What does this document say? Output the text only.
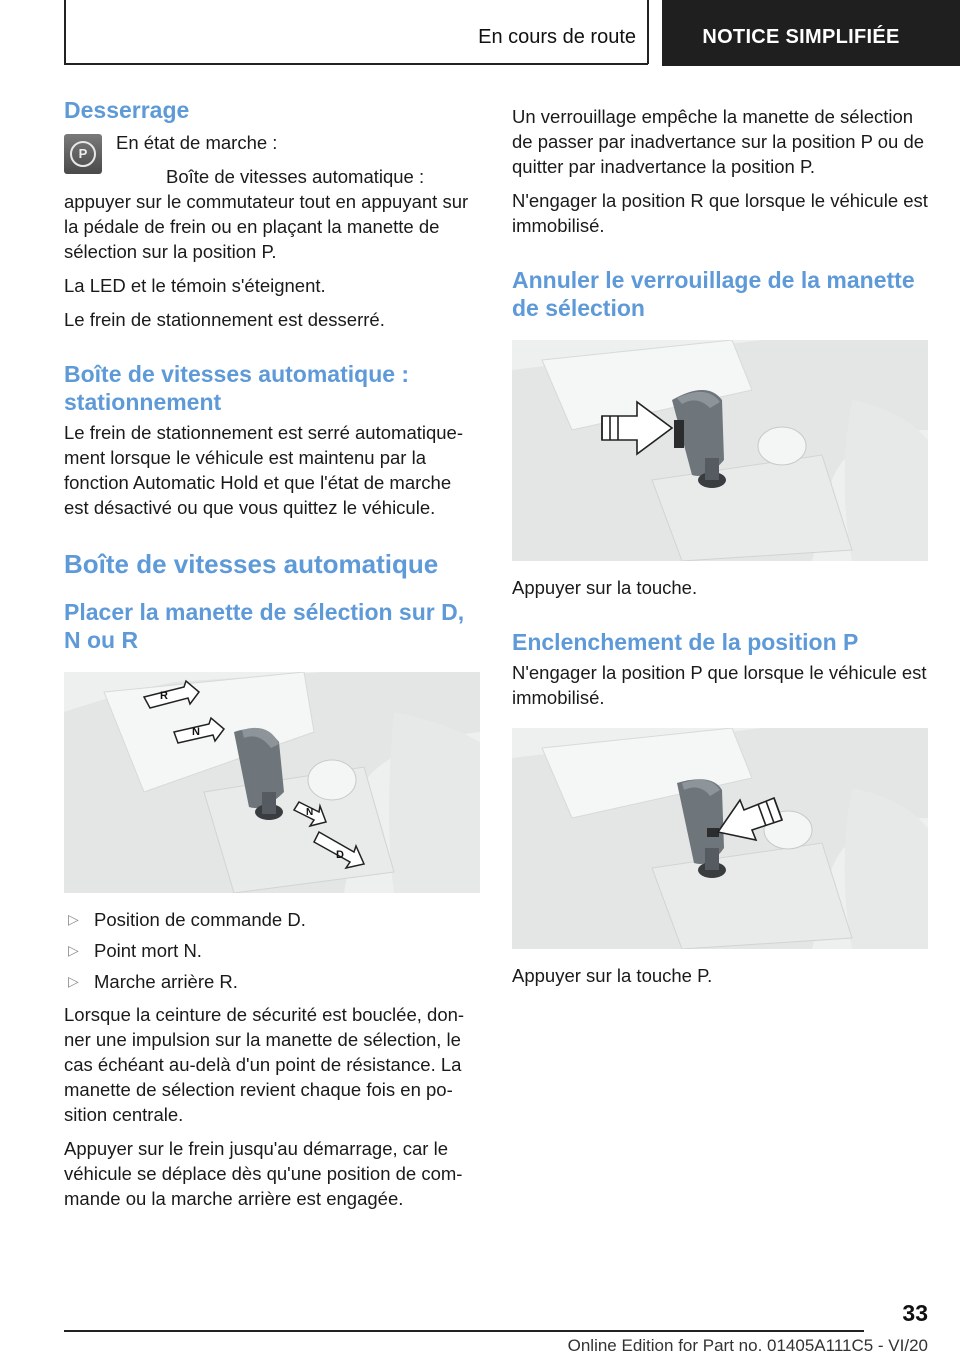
En cours de route	NOTICE SIMPLIFIÉE
Desserrage
P

En état de marche :

Boîte de vitesses automatique : appuyer sur le commutateur tout en appuyant sur la pédale de frein ou en plaçant la manette de sélection sur la position P.

La LED et le témoin s'éteignent.

Le frein de stationnement est desserré.

Boîte de vitesses automatique : stationnement

Le frein de stationnement est serré automatiquement lorsque le véhicule est maintenu par la fonction Automatic Hold et que l'état de marche est désactivé ou que vous quittez le véhicule.

Boîte de vitesses automatique
Placer la manette de sélection sur D, N ou R
R
N
N
D
▷ Position de commande D.
▷ Point mort N.
▷ Marche arrière R.

Lorsque la ceinture de sécurité est bouclée, donner une impulsion sur la manette de sélection, le cas échéant au-delà d'un point de résistance. La manette de sélection revient chaque fois en position centrale.

Appuyer sur le frein jusqu'au démarrage, car le véhicule se déplace dès qu'une position de commande ou la marche arrière est engagée.

Un verrouillage empêche la manette de sélection de passer par inadvertance sur la position P ou de quitter par inadvertance la position P.

N'engager la position R que lorsque le véhicule est immobilisé.

Annuler le verrouillage de la manette de sélection

Appuyer sur la touche.

Enclenchement de la position P

N'engager la position P que lorsque le véhicule est immobilisé.

Appuyer sur la touche P.

33
Online Edition for Part no. 01405A111C5 - VI/20
